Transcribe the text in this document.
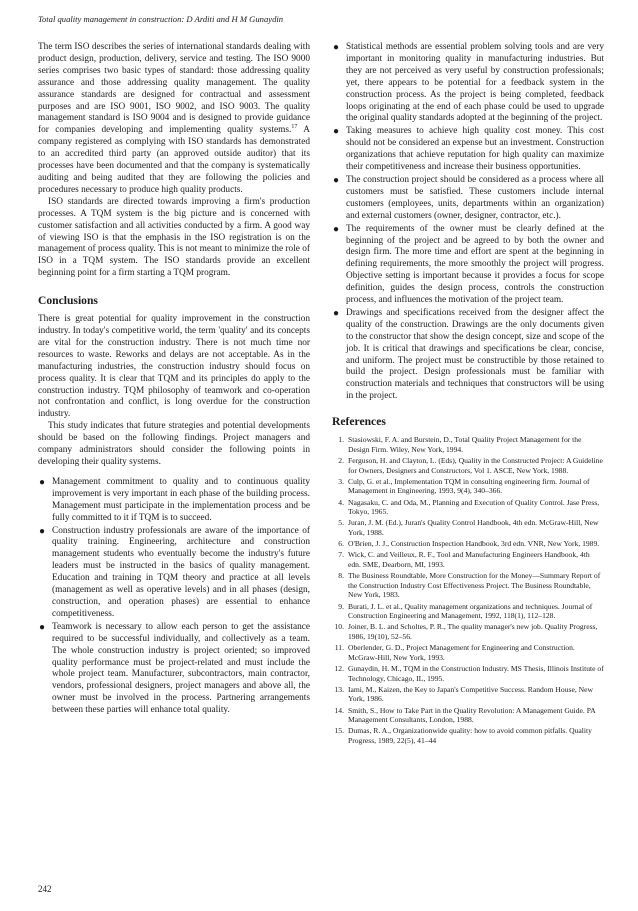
Total quality management in construction: D Arditi and H M Gunaydin

The term ISO describes the series of international standards dealing with product design, production, delivery, service and testing. The ISO 9000 series comprises two basic types of standard: those addressing quality assurance and those addressing quality management. The quality assurance standards are designed for contractual and assessment purposes and are ISO 9001, ISO 9002, and ISO 9003. The quality management standard is ISO 9004 and is designed to provide guidance for companies developing and implementing quality systems.$^{17}$ A company registered as complying with ISO standards has demonstrated to an accredited third party (an approved outside auditor) that its processes have been documented and that the company is systematically auditing and being audited that they are following the policies and procedures necessary to produce high quality products.

ISO standards are directed towards improving a firm's production processes. A TQM system is the big picture and is concerned with customer satisfaction and all activities conducted by a firm. A good way of viewing ISO is that the emphasis in the ISO registration is on the management of process quality. This is not meant to minimize the role of ISO in a TQM system. The ISO standards provide an excellent beginning point for a firm starting a TQM program.

Conclusions

There is great potential for quality improvement in the construction industry. In today's competitive world, the term 'quality' and its concepts are vital for the construction industry. There is not much time nor resources to waste. Reworks and delays are not acceptable. As in the manufacturing industries, the construction industry should focus on process quality. It is clear that TQM and its principles do apply to the construction industry. TQM philosophy of teamwork and co-operation not confrontation and conflict, is long overdue for the construction industry.

This study indicates that future strategies and potential developments should be based on the following findings. Project managers and company administrators should consider the following points in developing their quality systems.

● Management commitment to quality and to continuous quality improvement is very important in each phase of the building process. Management must participate in the implementation process and be fully committed to it if TQM is to succeed.
● Construction industry professionals are aware of the importance of quality training. Engineering, architecture and construction management students who eventually become the industry's future leaders must be instructed in the basics of quality management. Education and training in TQM theory and practice at all levels (management as well as operative levels) and in all phases (design, construction, and operation phases) are essential to enhance competitiveness.
● Teamwork is necessary to allow each person to get the assistance required to be successful individually, and collectively as a team. The whole construction industry is project oriented; so improved quality performance must be project-related and must include the whole project team. Manufacturer, subcontractors, main contractor, vendors, professional designers, project managers and above all, the owner must be involved in the process. Partnering arrangements between these parties will enhance total quality.
● Statistical methods are essential problem solving tools and are very important in monitoring quality in manufacturing industries. But they are not perceived as very useful by construction professionals; yet, there appears to be potential for a feedback system in the construction process. As the project is being completed, feedback loops originating at the end of each phase could be used to upgrade the original quality standards adopted at the beginning of the project.
● Taking measures to achieve high quality cost money. This cost should not be considered an expense but an investment. Construction organizations that achieve reputation for high quality can maximize their competitiveness and increase their business opportunities.
● The construction project should be considered as a process where all customers must be satisfied. These customers include internal customers (employees, units, departments within an organization) and external customers (owner, designer, contractor, etc.).
● The requirements of the owner must be clearly defined at the beginning of the project and be agreed to by both the owner and design firm. The more time and effort are spent at the beginning in defining requirements, the more smoothly the project will progress. Objective setting is important because it provides a focus for scope definition, guides the design process, controls the construction process, and influences the motivation of the project team.
● Drawings and specifications received from the designer affect the quality of the construction. Drawings are the only documents given to the constructor that show the design concept, size and scope of the job. It is critical that drawings and specifications be clear, concise, and uniform. The project must be constructible by those retained to build the project. Design professionals must be familiar with construction materials and techniques that constructors will be using in the project.
References
1. Stasiowski, F. A. and Burstein, D., Total Quality Project Management for the Design Firm. Wiley, New York, 1994.
2. Ferguson, H. and Clayton, L. (Eds), Quality in the Constructed Project: A Guideline for Owners, Designers and Constructors, Vol 1. ASCE, New York, 1988.
3. Culp, G. et al., Implementation TQM in consulting engineering firm. Journal of Management in Engineering, 1993, 9(4), 340–366.
4. Nagasaku, C. and Oda, M., Planning and Execution of Quality Control. Jase Press, Tokyo, 1965.
5. Juran, J. M. (Ed.), Juran's Quality Control Handbook, 4th edn. McGraw-Hill, New York, 1988.
6. O'Brien, J. J., Construction Inspection Handbook, 3rd edn. VNR, New York, 1989.
7. Wick, C. and Veilleux, R. F., Tool and Manufacturing Engineers Handbook, 4th edn. SME, Dearborn, MI, 1993.
8. The Business Roundtable, More Construction for the Money—Summary Report of the Construction Industry Cost Effectiveness Project. The Business Roundtable, New York, 1983.
9. Burati, J. L. et al., Quality management organizations and techniques. Journal of Construction Engineering and Management, 1992, 118(1), 112–128.
10. Joiner, B. L. and Scholtes, P. R., The quality manager's new job. Quality Progress, 1986, 19(10), 52–56.
11. Oberlender, G. D., Project Management for Engineering and Construction. McGraw-Hill, New York, 1993.
12. Gunaydin, H. M., TQM in the Construction Industry. MS Thesis, Illinois Institute of Technology, Chicago, IL, 1995.
13. Iami, M., Kaizen, the Key to Japan's Competitive Success. Random House, New York, 1986.
14. Smith, S., How to Take Part in the Quality Revolution: A Management Guide. PA Management Consultants, London, 1988.
15. Dumas, R. A., Organizationwide quality: how to avoid common pitfalls. Quality Progress, 1989, 22(5), 41–44
242
